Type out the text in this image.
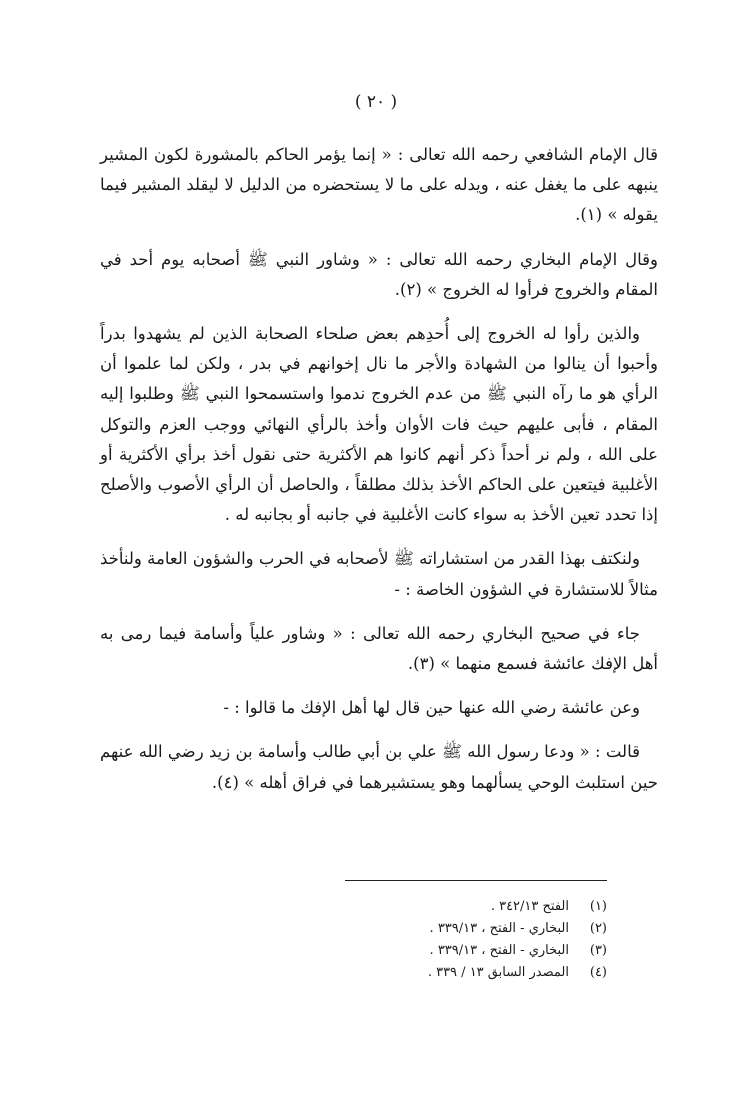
( ٢٠ )

قال الإمام الشافعي رحمه الله تعالى : « إنما يؤمر الحاكم بالمشورة لكون المشير ينبهه على ما يغفل عنه ، ويدله على ما لا يستحضره من الدليل لا ليقلد المشير فيما يقوله » (١).

وقال الإمام البخاري رحمه الله تعالى : « وشاور النبي ﷺ أصحابه يوم أحد في المقام والخروج فرأوا له الخروج » (٢).

والذين رأوا له الخروج إلى أُحدِهم بعض صلحاء الصحابة الذين لم يشهدوا بدراً وأحبوا أن ينالوا من الشهادة والأجر ما نال إخوانهم في بدر ، ولكن لما علموا أن الرأي هو ما رآه النبي ﷺ من عدم الخروج ندموا واستسمحوا النبي ﷺ وطلبوا إليه المقام ، فأبى عليهم حيث فات الأوان وأخذ بالرأي النهائي ووجب العزم والتوكل على الله ، ولم نر أحداً ذكر أنهم كانوا هم الأكثرية حتى نقول أخذ برأي الأكثرية أو الأغلبية فيتعين على الحاكم الأخذ بذلك مطلقاً ، والحاصل أن الرأي الأصوب والأصلح إذا تحدد تعين الأخذ به سواء كانت الأغلبية في جانبه أو بجانبه له .

ولنكتف بهذا القدر من استشاراته ﷺ لأصحابه في الحرب والشؤون العامة ولنأخذ مثالاً للاستشارة في الشؤون الخاصة : -

جاء في صحيح البخاري رحمه الله تعالى : « وشاور علياً وأسامة فيما رمى به أهل الإفك عائشة فسمع منهما » (٣).

وعن عائشة رضي الله عنها حين قال لها أهل الإفك ما قالوا : -

قالت : « ودعا رسول الله ﷺ علي بن أبي طالب وأسامة بن زيد رضي الله عنهم حين استلبث الوحي يسألهما وهو يستشيرهما في فراق أهله » (٤).

(١)
الفتح ٣٤٢/١٣ .
(٢)
البخاري - الفتح ، ٣٣٩/١٣ .
(٣)
البخاري - الفتح ، ٣٣٩/١٣ .
(٤)
المصدر السابق ١٣ / ٣٣٩ .
